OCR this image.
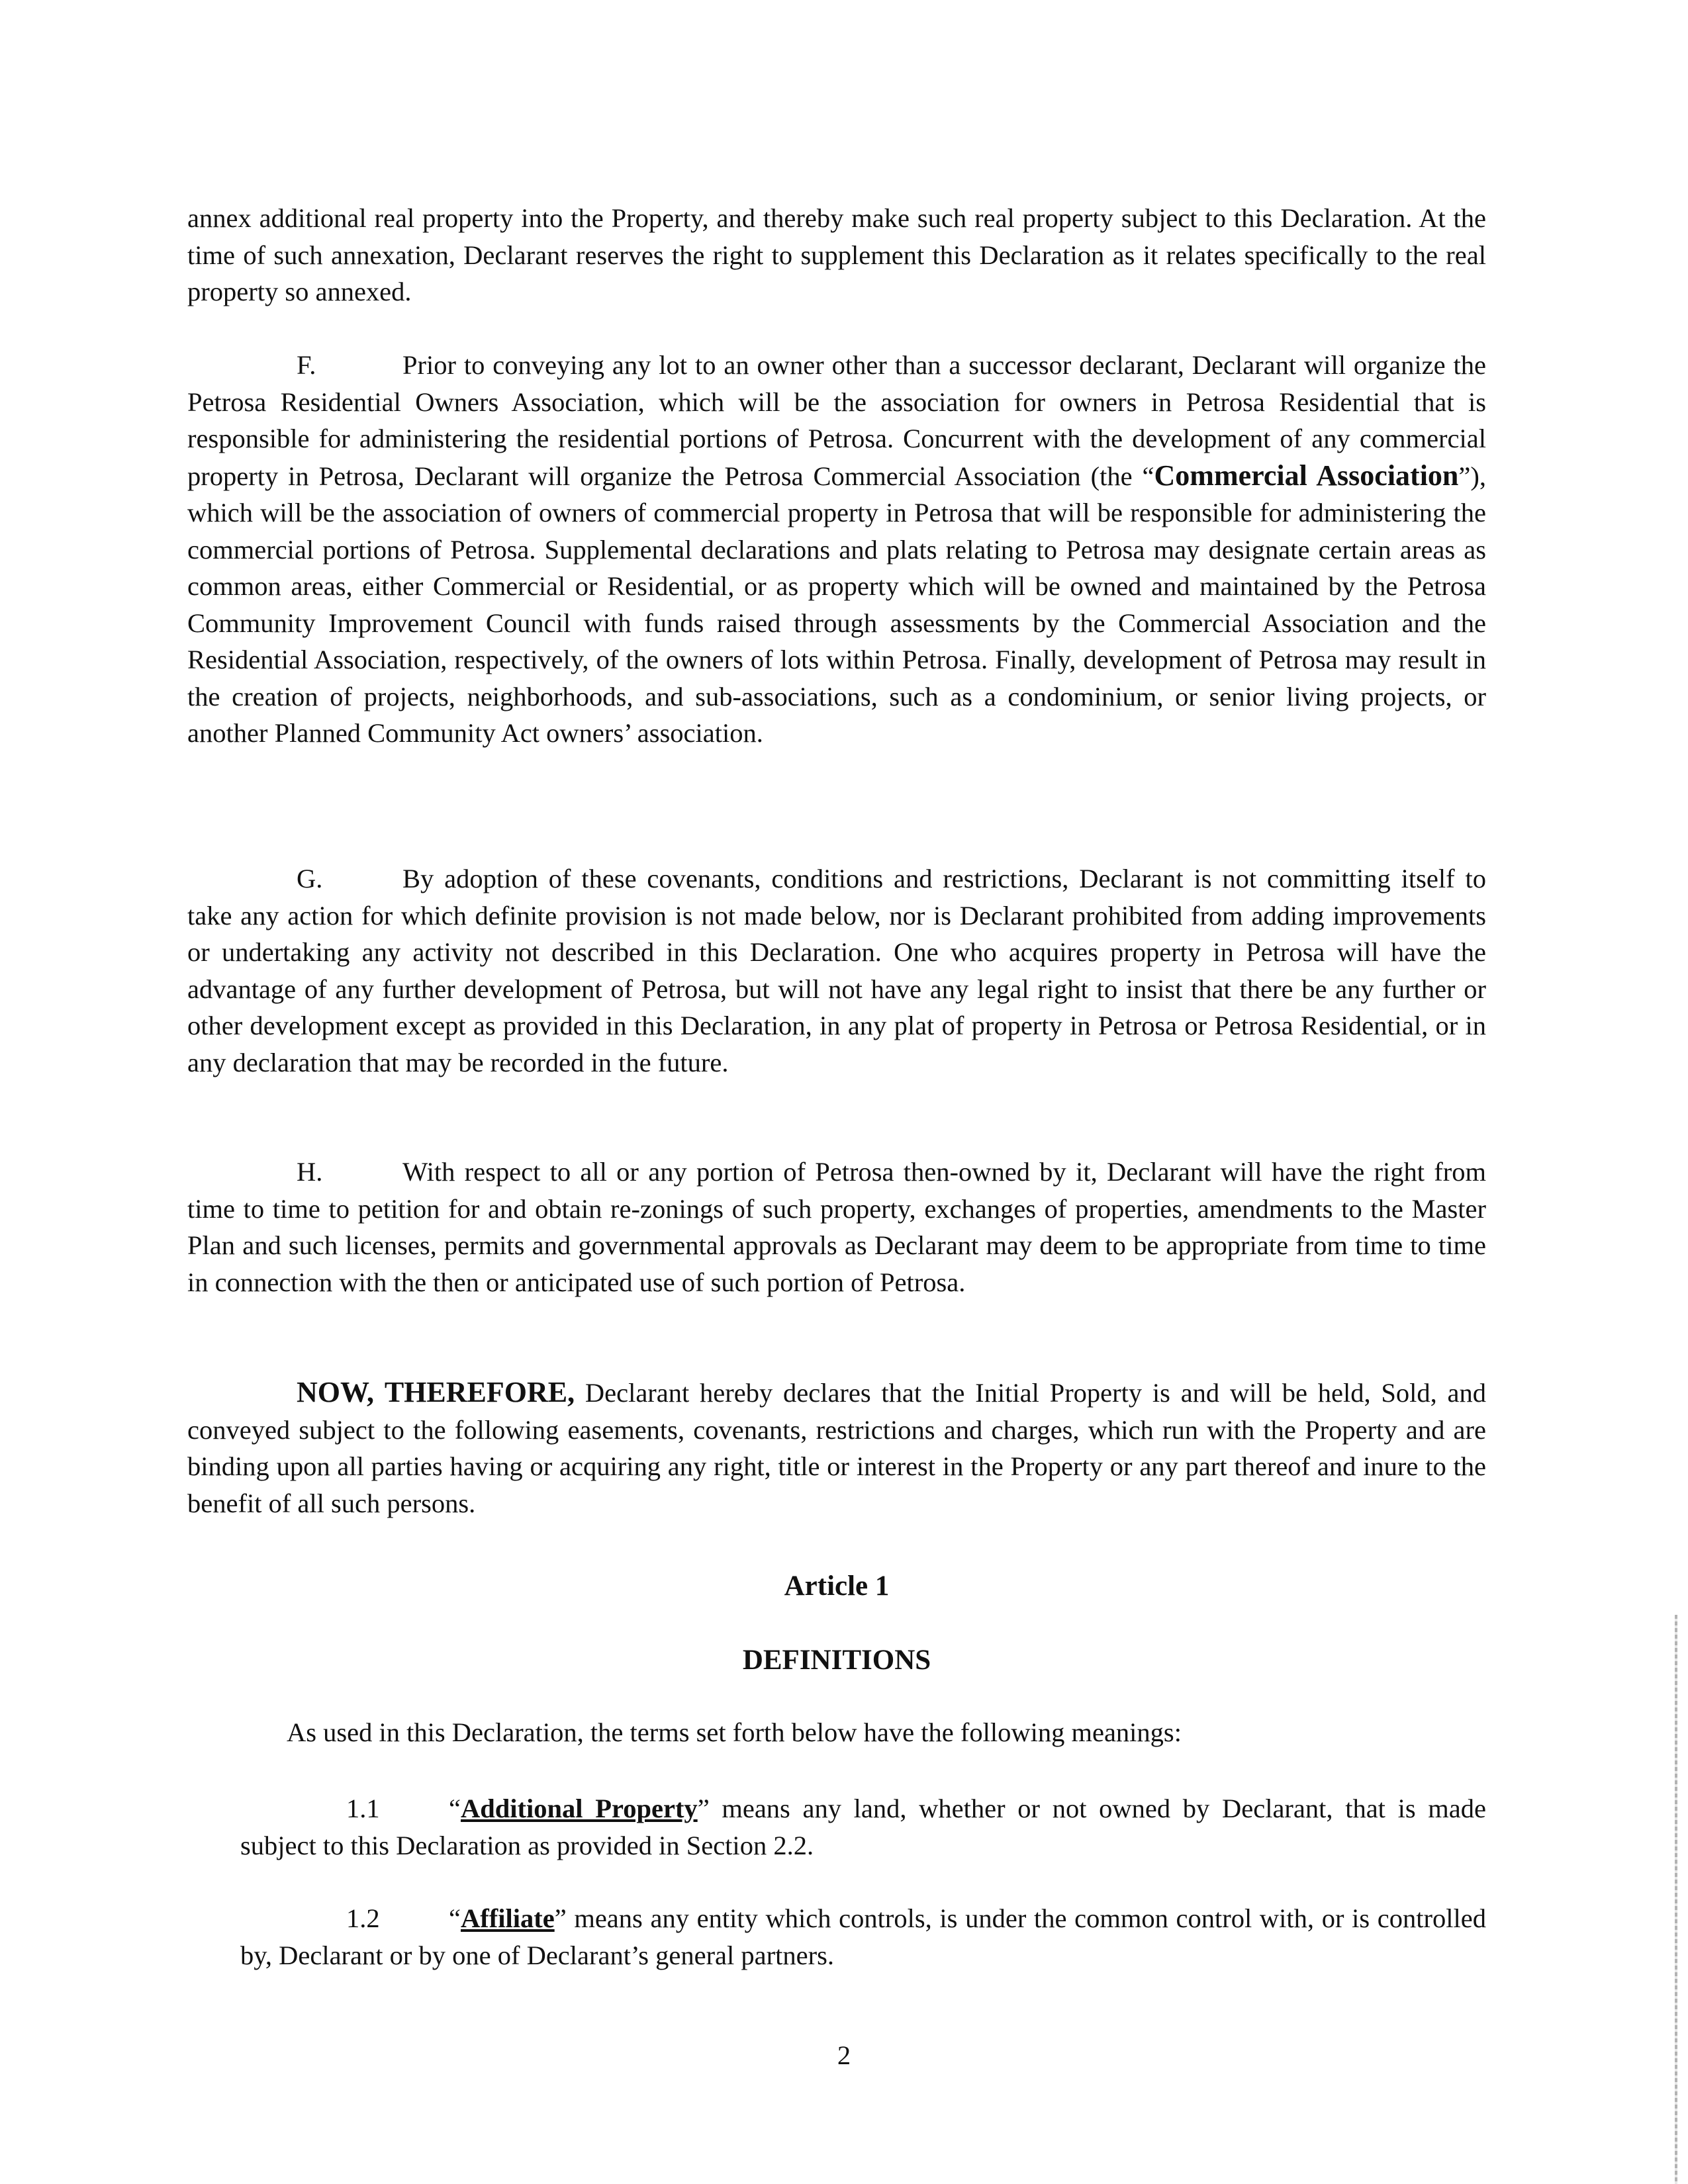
annex additional real property into the Property, and thereby make such real property subject to this Declaration. At the time of such annexation, Declarant reserves the right to supplement this Declaration as it relates specifically to the real property so annexed.

F.	Prior to conveying any lot to an owner other than a successor declarant, Declarant will organize the Petrosa Residential Owners Association, which will be the association for owners in Petrosa Residential that is responsible for administering the residential portions of Petrosa. Concurrent with the development of any commercial property in Petrosa, Declarant will organize the Petrosa Commercial Association (the “Commercial Association”), which will be the association of owners of commercial property in Petrosa that will be responsible for administering the commercial portions of Petrosa. Supplemental declarations and plats relating to Petrosa may designate certain areas as common areas, either Commercial or Residential, or as property which will be owned and maintained by the Petrosa Community Improvement Council with funds raised through assessments by the Commercial Association and the Residential Association, respectively, of the owners of lots within Petrosa. Finally, development of Petrosa may result in the creation of projects, neighborhoods, and sub-associations, such as a condominium, or senior living projects, or another Planned Community Act owners’ association.

G.	By adoption of these covenants, conditions and restrictions, Declarant is not committing itself to take any action for which definite provision is not made below, nor is Declarant prohibited from adding improvements or undertaking any activity not described in this Declaration. One who acquires property in Petrosa will have the advantage of any further development of Petrosa, but will not have any legal right to insist that there be any further or other development except as provided in this Declaration, in any plat of property in Petrosa or Petrosa Residential, or in any declaration that may be recorded in the future.

H.	With respect to all or any portion of Petrosa then-owned by it, Declarant will have the right from time to time to petition for and obtain re-zonings of such property, exchanges of properties, amendments to the Master Plan and such licenses, permits and governmental approvals as Declarant may deem to be appropriate from time to time in connection with the then or anticipated use of such portion of Petrosa.

NOW, THEREFORE, Declarant hereby declares that the Initial Property is and will be held, Sold, and conveyed subject to the following easements, covenants, restrictions and charges, which run with the Property and are binding upon all parties having or acquiring any right, title or interest in the Property or any part thereof and inure to the benefit of all such persons.

Article 1
DEFINITIONS

As used in this Declaration, the terms set forth below have the following meanings:

1.1	“Additional Property” means any land, whether or not owned by Declarant, that is made subject to this Declaration as provided in Section 2.2.

1.2	“Affiliate” means any entity which controls, is under the common control with, or is controlled by, Declarant or by one of Declarant’s general partners.

2
